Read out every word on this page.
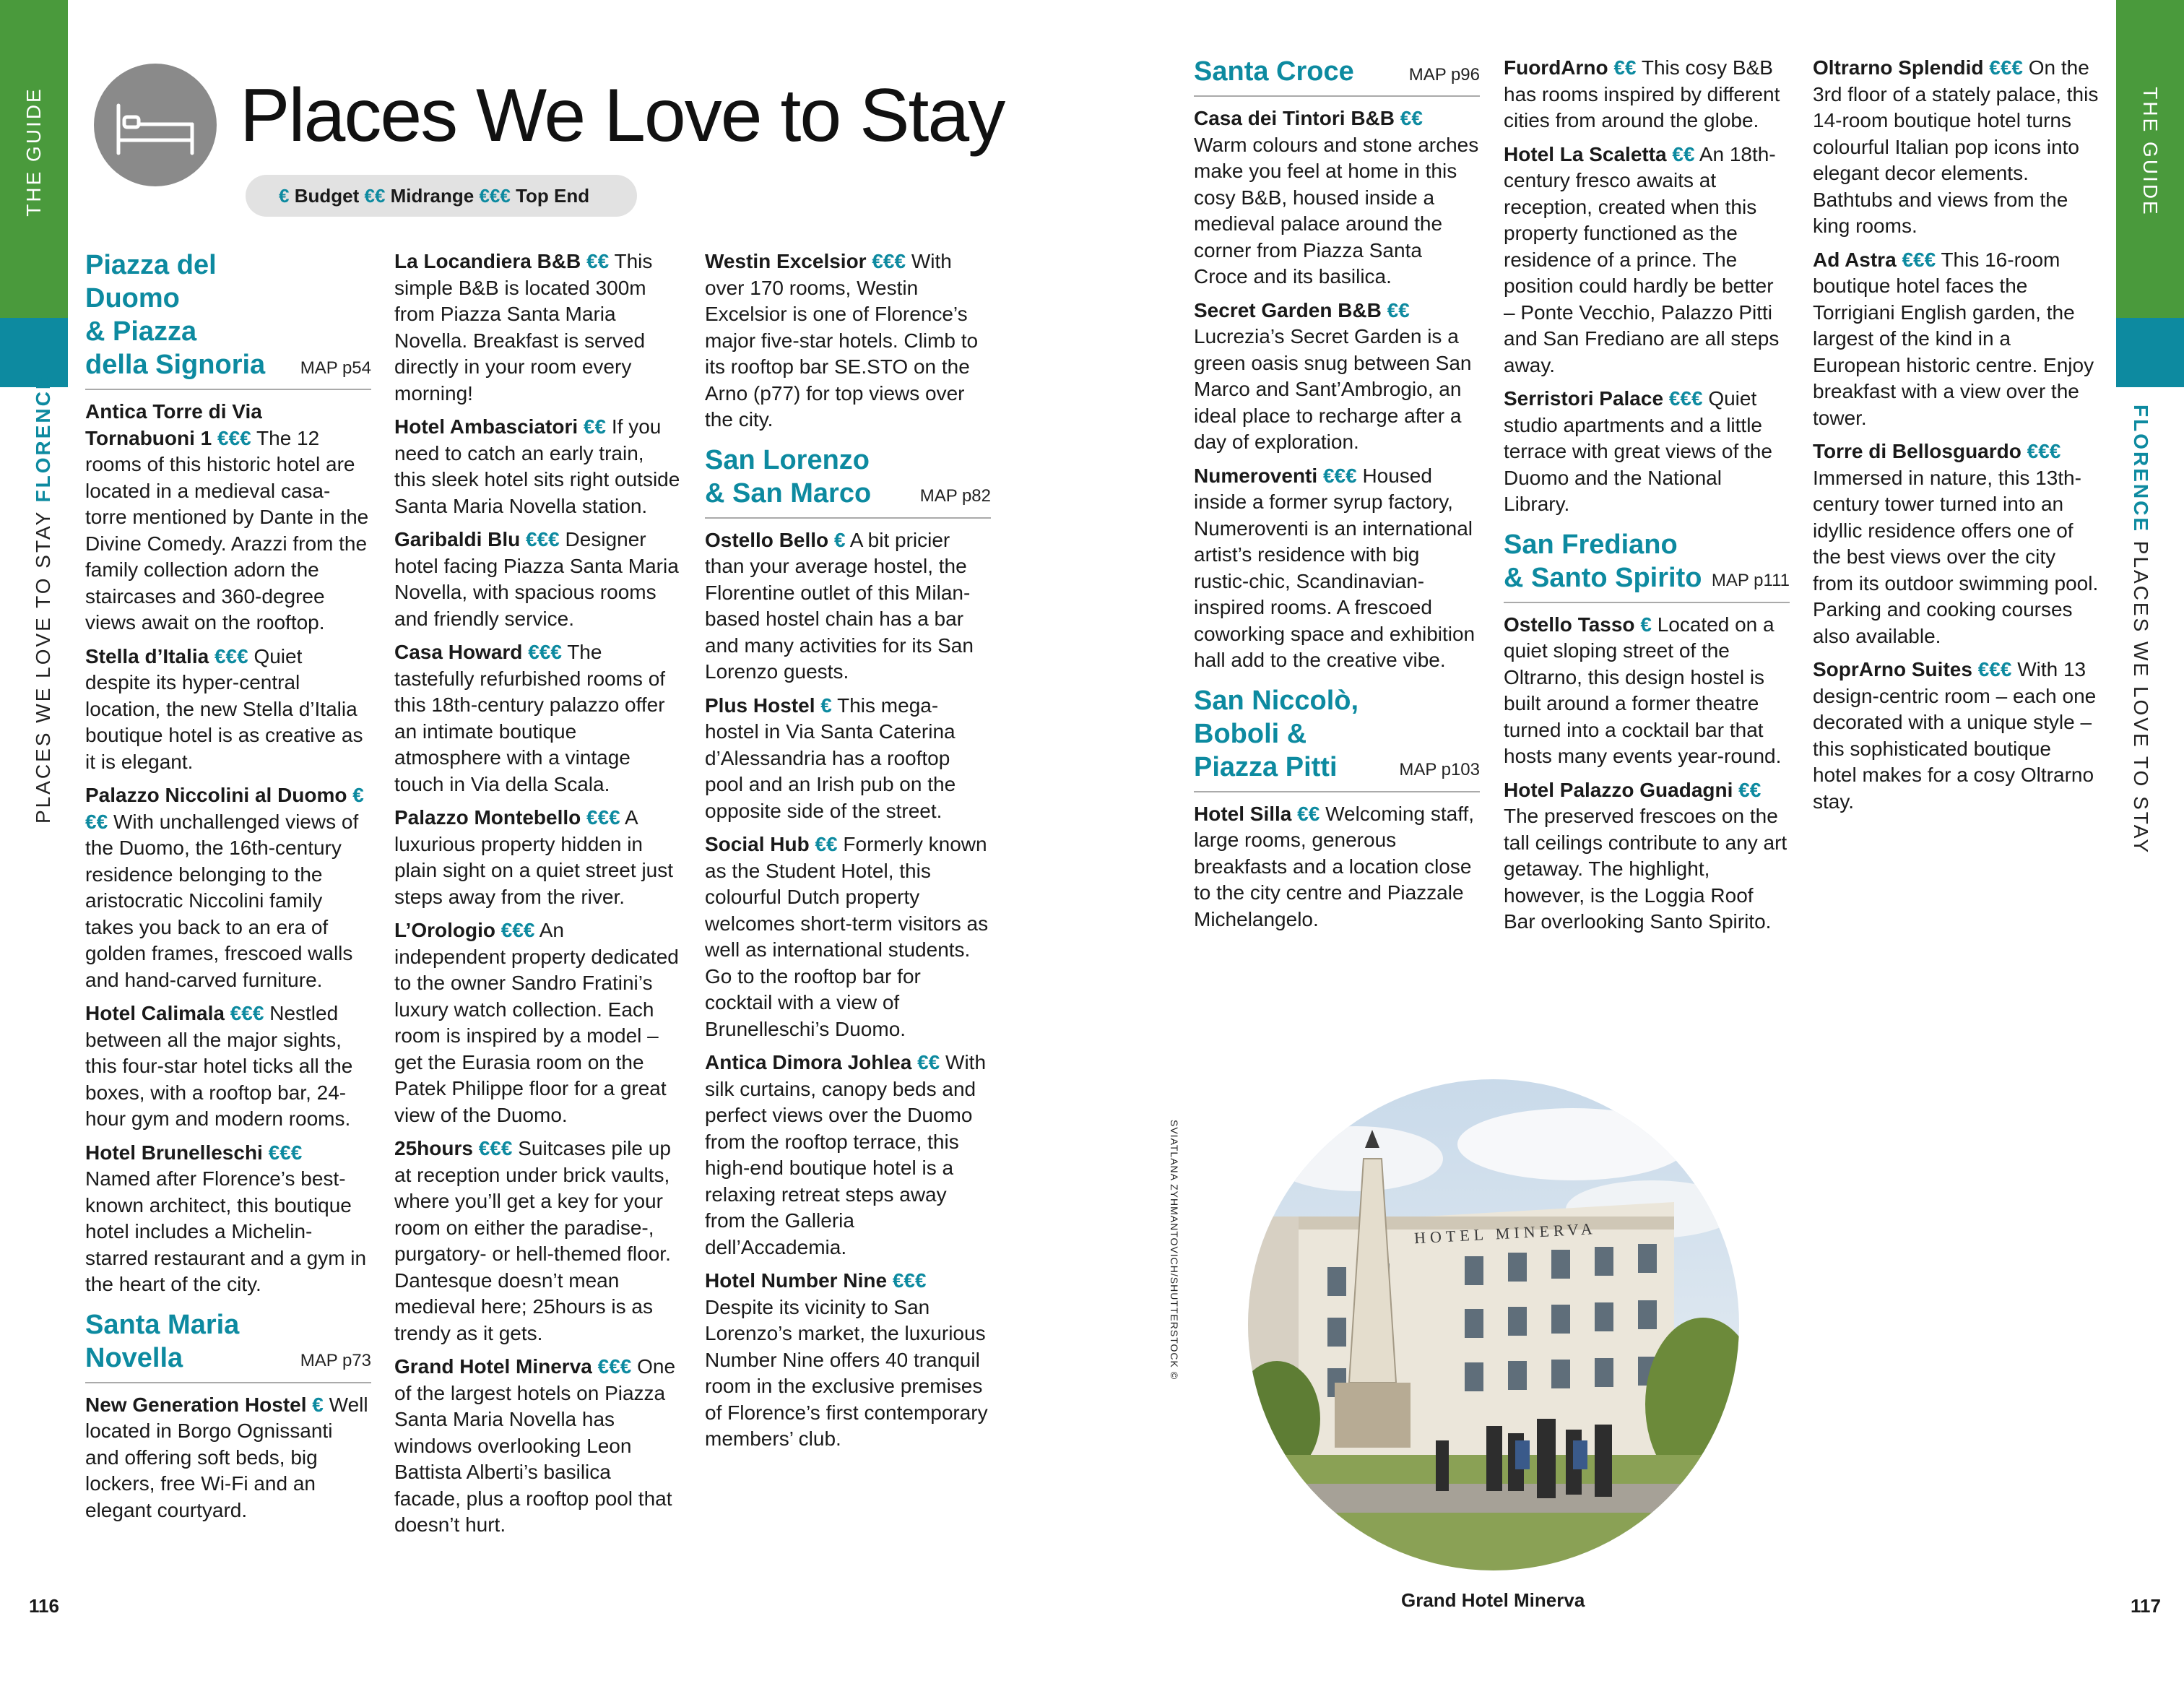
THE GUIDE
PLACES WE LOVE TO STAY FLORENCE
THE GUIDE
FLORENCE PLACES WE LOVE TO STAY
Places We Love to Stay
€ Budget €€ Midrange €€€ Top End
Piazza del Duomo
& Piazza
della Signoria	MAP p54
Antica Torre di Via Tornabuoni 1 €€€ The 12 rooms of this historic hotel are located in a medieval casa-torre mentioned by Dante in the Divine Comedy. Arazzi from the family collection adorn the staircases and 360-degree views await on the rooftop.
Stella d’Italia €€€ Quiet despite its hyper-central location, the new Stella d’Italia boutique hotel is as creative as it is elegant.
Palazzo Niccolini al Duomo €€€ With unchallenged views of the Duomo, the 16th-century residence belonging to the aristocratic Niccolini family takes you back to an era of golden frames, frescoed walls and hand-carved furniture.
Hotel Calimala €€€ Nestled between all the major sights, this four-star hotel ticks all the boxes, with a rooftop bar, 24-hour gym and modern rooms.
Hotel Brunelleschi €€€ Named after Florence’s best-known architect, this boutique hotel includes a Michelin-starred restaurant and a gym in the heart of the city.
Santa Maria
Novella	MAP p73
New Generation Hostel € Well located in Borgo Ognissanti and offering soft beds, big lockers, free Wi-Fi and an elegant courtyard.
La Locandiera B&B €€ This simple B&B is located 300m from Piazza Santa Maria Novella. Breakfast is served directly in your room every morning!
Hotel Ambasciatori €€ If you need to catch an early train, this sleek hotel sits right outside Santa Maria Novella station.
Garibaldi Blu €€€ Designer hotel facing Piazza Santa Maria Novella, with spacious rooms and friendly service.
Casa Howard €€€ The tastefully refurbished rooms of this 18th-century palazzo offer an intimate boutique atmosphere with a vintage touch in Via della Scala.
Palazzo Montebello €€€ A luxurious property hidden in plain sight on a quiet street just steps away from the river.
L’Orologio €€€ An independent property dedicated to the owner Sandro Fratini’s luxury watch collection. Each room is inspired by a model – get the Eurasia room on the Patek Philippe floor for a great view of the Duomo.
25hours €€€ Suitcases pile up at reception under brick vaults, where you’ll get a key for your room on either the paradise-, purgatory- or hell-themed floor. Dantesque doesn’t mean medieval here; 25hours is as trendy as it gets.
Grand Hotel Minerva €€€ One of the largest hotels on Piazza Santa Maria Novella has windows overlooking Leon Battista Alberti’s basilica facade, plus a rooftop pool that doesn’t hurt.
Westin Excelsior €€€ With over 170 rooms, Westin Excelsior is one of Florence’s major five-star hotels. Climb to its rooftop bar SE.STO on the Arno (p77) for top views over the city.
San Lorenzo
& San Marco	MAP p82
Ostello Bello € A bit pricier than your average hostel, the Florentine outlet of this Milan-based hostel chain has a bar and many activities for its San Lorenzo guests.
Plus Hostel € This mega-hostel in Via Santa Caterina d’Alessandria has a rooftop pool and an Irish pub on the opposite side of the street.
Social Hub €€ Formerly known as the Student Hotel, this colourful Dutch property welcomes short-term visitors as well as international students. Go to the rooftop bar for cocktail with a view of Brunelleschi’s Duomo.
Antica Dimora Johlea €€ With silk curtains, canopy beds and perfect views over the Duomo from the rooftop terrace, this high-end boutique hotel is a relaxing retreat steps away from the Galleria dell’Accademia.
Hotel Number Nine €€€ Despite its vicinity to San Lorenzo’s market, the luxurious Number Nine offers 40 tranquil room in the exclusive premises of Florence’s first contemporary members’ club.
Santa Croce	MAP p96
Casa dei Tintori B&B €€ Warm colours and stone arches make you feel at home in this cosy B&B, housed inside a medieval palace around the corner from Piazza Santa Croce and its basilica.
Secret Garden B&B €€ Lucrezia’s Secret Garden is a green oasis snug between San Marco and Sant’Ambrogio, an ideal place to recharge after a day of exploration.
Numeroventi €€€ Housed inside a former syrup factory, Numeroventi is an international artist’s residence with big rustic-chic, Scandinavian-inspired rooms. A frescoed coworking space and exhibition hall add to the creative vibe.
San Niccolò,
Boboli &
Piazza Pitti	MAP p103
Hotel Silla €€ Welcoming staff, large rooms, generous breakfasts and a location close to the city centre and Piazzale Michelangelo.
FuordArno €€ This cosy B&B has rooms inspired by different cities from around the globe.
Hotel La Scaletta €€ An 18th-century fresco awaits at reception, created when this property functioned as the residence of a prince. The position could hardly be better – Ponte Vecchio, Palazzo Pitti and San Frediano are all steps away.
Serristori Palace €€€ Quiet studio apartments and a little terrace with great views of the Duomo and the National Library.
San Frediano
& Santo Spirito MAP p111
Ostello Tasso € Located on a quiet sloping street of the Oltrarno, this design hostel is built around a former theatre turned into a cocktail bar that hosts many events year-round.
Hotel Palazzo Guadagni €€ The preserved frescoes on the tall ceilings contribute to any art getaway. The highlight, however, is the Loggia Roof Bar overlooking Santo Spirito.
Oltrarno Splendid €€€ On the 3rd floor of a stately palace, this 14-room boutique hotel turns colourful Italian pop icons into elegant decor elements. Bathtubs and views from the king rooms.
Ad Astra €€€ This 16-room boutique hotel faces the Torrigiani English garden, the largest of the kind in a European historic centre. Enjoy breakfast with a view over the tower.
Torre di Bellosguardo €€€ Immersed in nature, this 13th-century tower turned into an idyllic residence offers one of the best views over the city from its outdoor swimming pool. Parking and cooking courses also available.
SoprArno Suites €€€ With 13 design-centric room – each one decorated with a unique style – this sophisticated boutique hotel makes for a cosy Oltrarno stay.
HOTEL MINERVA
SVIATLANA ZYHMANTOVICH/SHUTTERSTOCK ©
Grand Hotel Minerva
116	117
